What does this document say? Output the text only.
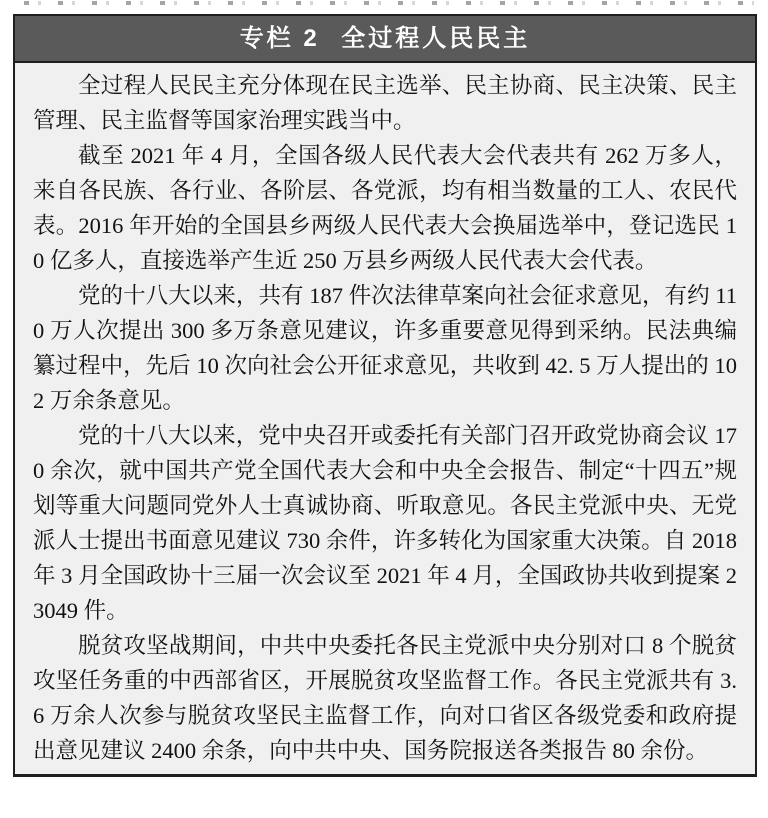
专栏 2 全过程人民民主

全过程人民民主充分体现在民主选举、民主协商、民主决策、民主管理、民主监督等国家治理实践当中。

截至 2021 年 4 月，全国各级人民代表大会代表共有 262 万多人，来自各民族、各行业、各阶层、各党派，均有相当数量的工人、农民代表。2016 年开始的全国县乡两级人民代表大会换届选举中，登记选民 10 亿多人，直接选举产生近 250 万县乡两级人民代表大会代表。

党的十八大以来，共有 187 件次法律草案向社会征求意见，有约 110 万人次提出 300 多万条意见建议，许多重要意见得到采纳。民法典编纂过程中，先后 10 次向社会公开征求意见，共收到 42. 5 万人提出的 102 万余条意见。

党的十八大以来，党中央召开或委托有关部门召开政党协商会议 170 余次，就中国共产党全国代表大会和中央全会报告、制定“十四五”规划等重大问题同党外人士真诚协商、听取意见。各民主党派中央、无党派人士提出书面意见建议 730 余件，许多转化为国家重大决策。自 2018 年 3 月全国政协十三届一次会议至 2021 年 4 月，全国政协共收到提案 23049 件。

脱贫攻坚战期间，中共中央委托各民主党派中央分别对口 8 个脱贫攻坚任务重的中西部省区，开展脱贫攻坚监督工作。各民主党派共有 3. 6 万余人次参与脱贫攻坚民主监督工作，向对口省区各级党委和政府提出意见建议 2400 余条，向中共中央、国务院报送各类报告 80 余份。
